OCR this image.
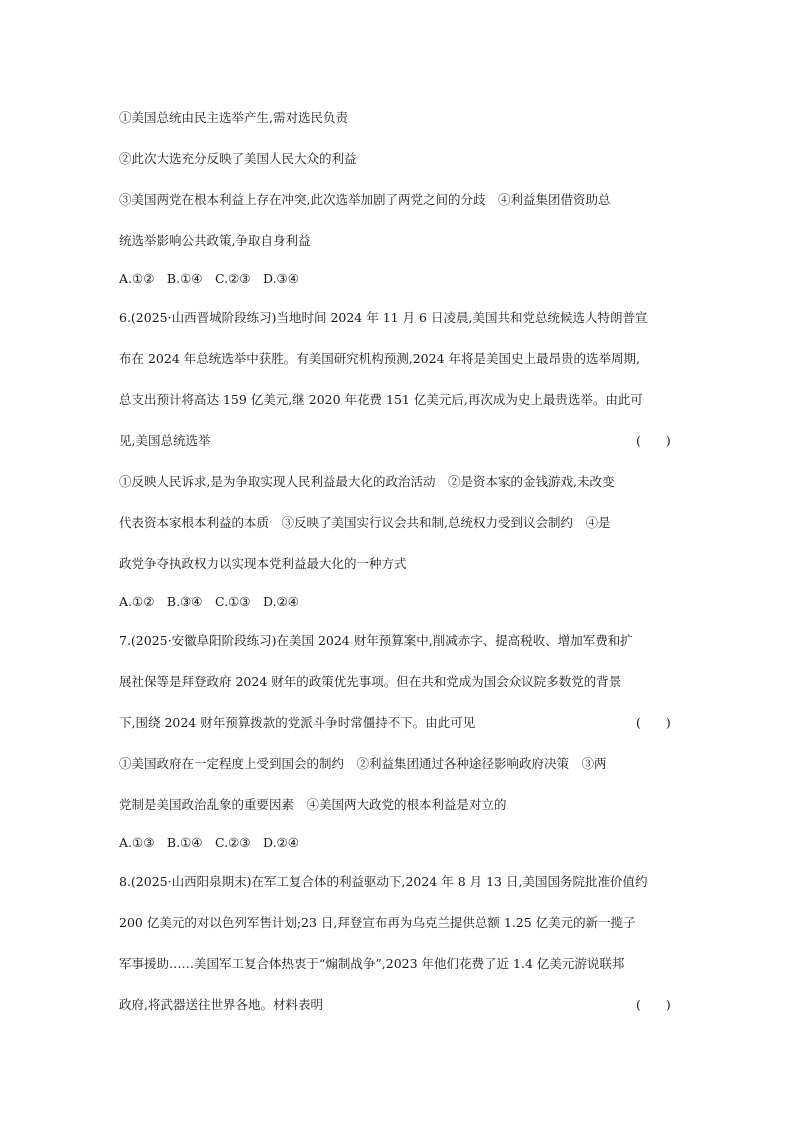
①美国总统由民主选举产生,需对选民负责
②此次大选充分反映了美国人民大众的利益
③美国两党在根本利益上存在冲突,此次选举加剧了两党之间的分歧　④利益集团借资助总
统选举影响公共政策,争取自身利益
A.①②　B.①④　C.②③　D.③④
6.(2025·山西晋城阶段练习)当地时间 2024 年 11 月 6 日凌晨,美国共和党总统候选人特朗普宣
布在 2024 年总统选举中获胜。有美国研究机构预测,2024 年将是美国史上最昂贵的选举周期,
总支出预计将高达 159 亿美元,继 2020 年花费 151 亿美元后,再次成为史上最贵选举。由此可
见,美国总统选举	(　　)
①反映人民诉求,是为争取实现人民利益最大化的政治活动　②是资本家的金钱游戏,未改变
代表资本家根本利益的本质　③反映了美国实行议会共和制,总统权力受到议会制约　④是
政党争夺执政权力以实现本党利益最大化的一种方式
A.①②　B.③④　C.①③　D.②④
7.(2025·安徽阜阳阶段练习)在美国 2024 财年预算案中,削减赤字、提高税收、增加军费和扩
展社保等是拜登政府 2024 财年的政策优先事项。但在共和党成为国会众议院多数党的背景
下,围绕 2024 财年预算拨款的党派斗争时常僵持不下。由此可见	(　　)
①美国政府在一定程度上受到国会的制约　②利益集团通过各种途径影响政府决策　③两
党制是美国政治乱象的重要因素　④美国两大政党的根本利益是对立的
A.①③　B.①④　C.②③　D.②④
8.(2025·山西阳泉期末)在军工复合体的利益驱动下,2024 年 8 月 13 日,美国国务院批准价值约
200 亿美元的对以色列军售计划;23 日,拜登宣布再为乌克兰提供总额 1.25 亿美元的新一揽子
军事援助……美国军工复合体热衷于“煽制战争”,2023 年他们花费了近 1.4 亿美元游说联邦
政府,将武器送往世界各地。材料表明	(　　)
